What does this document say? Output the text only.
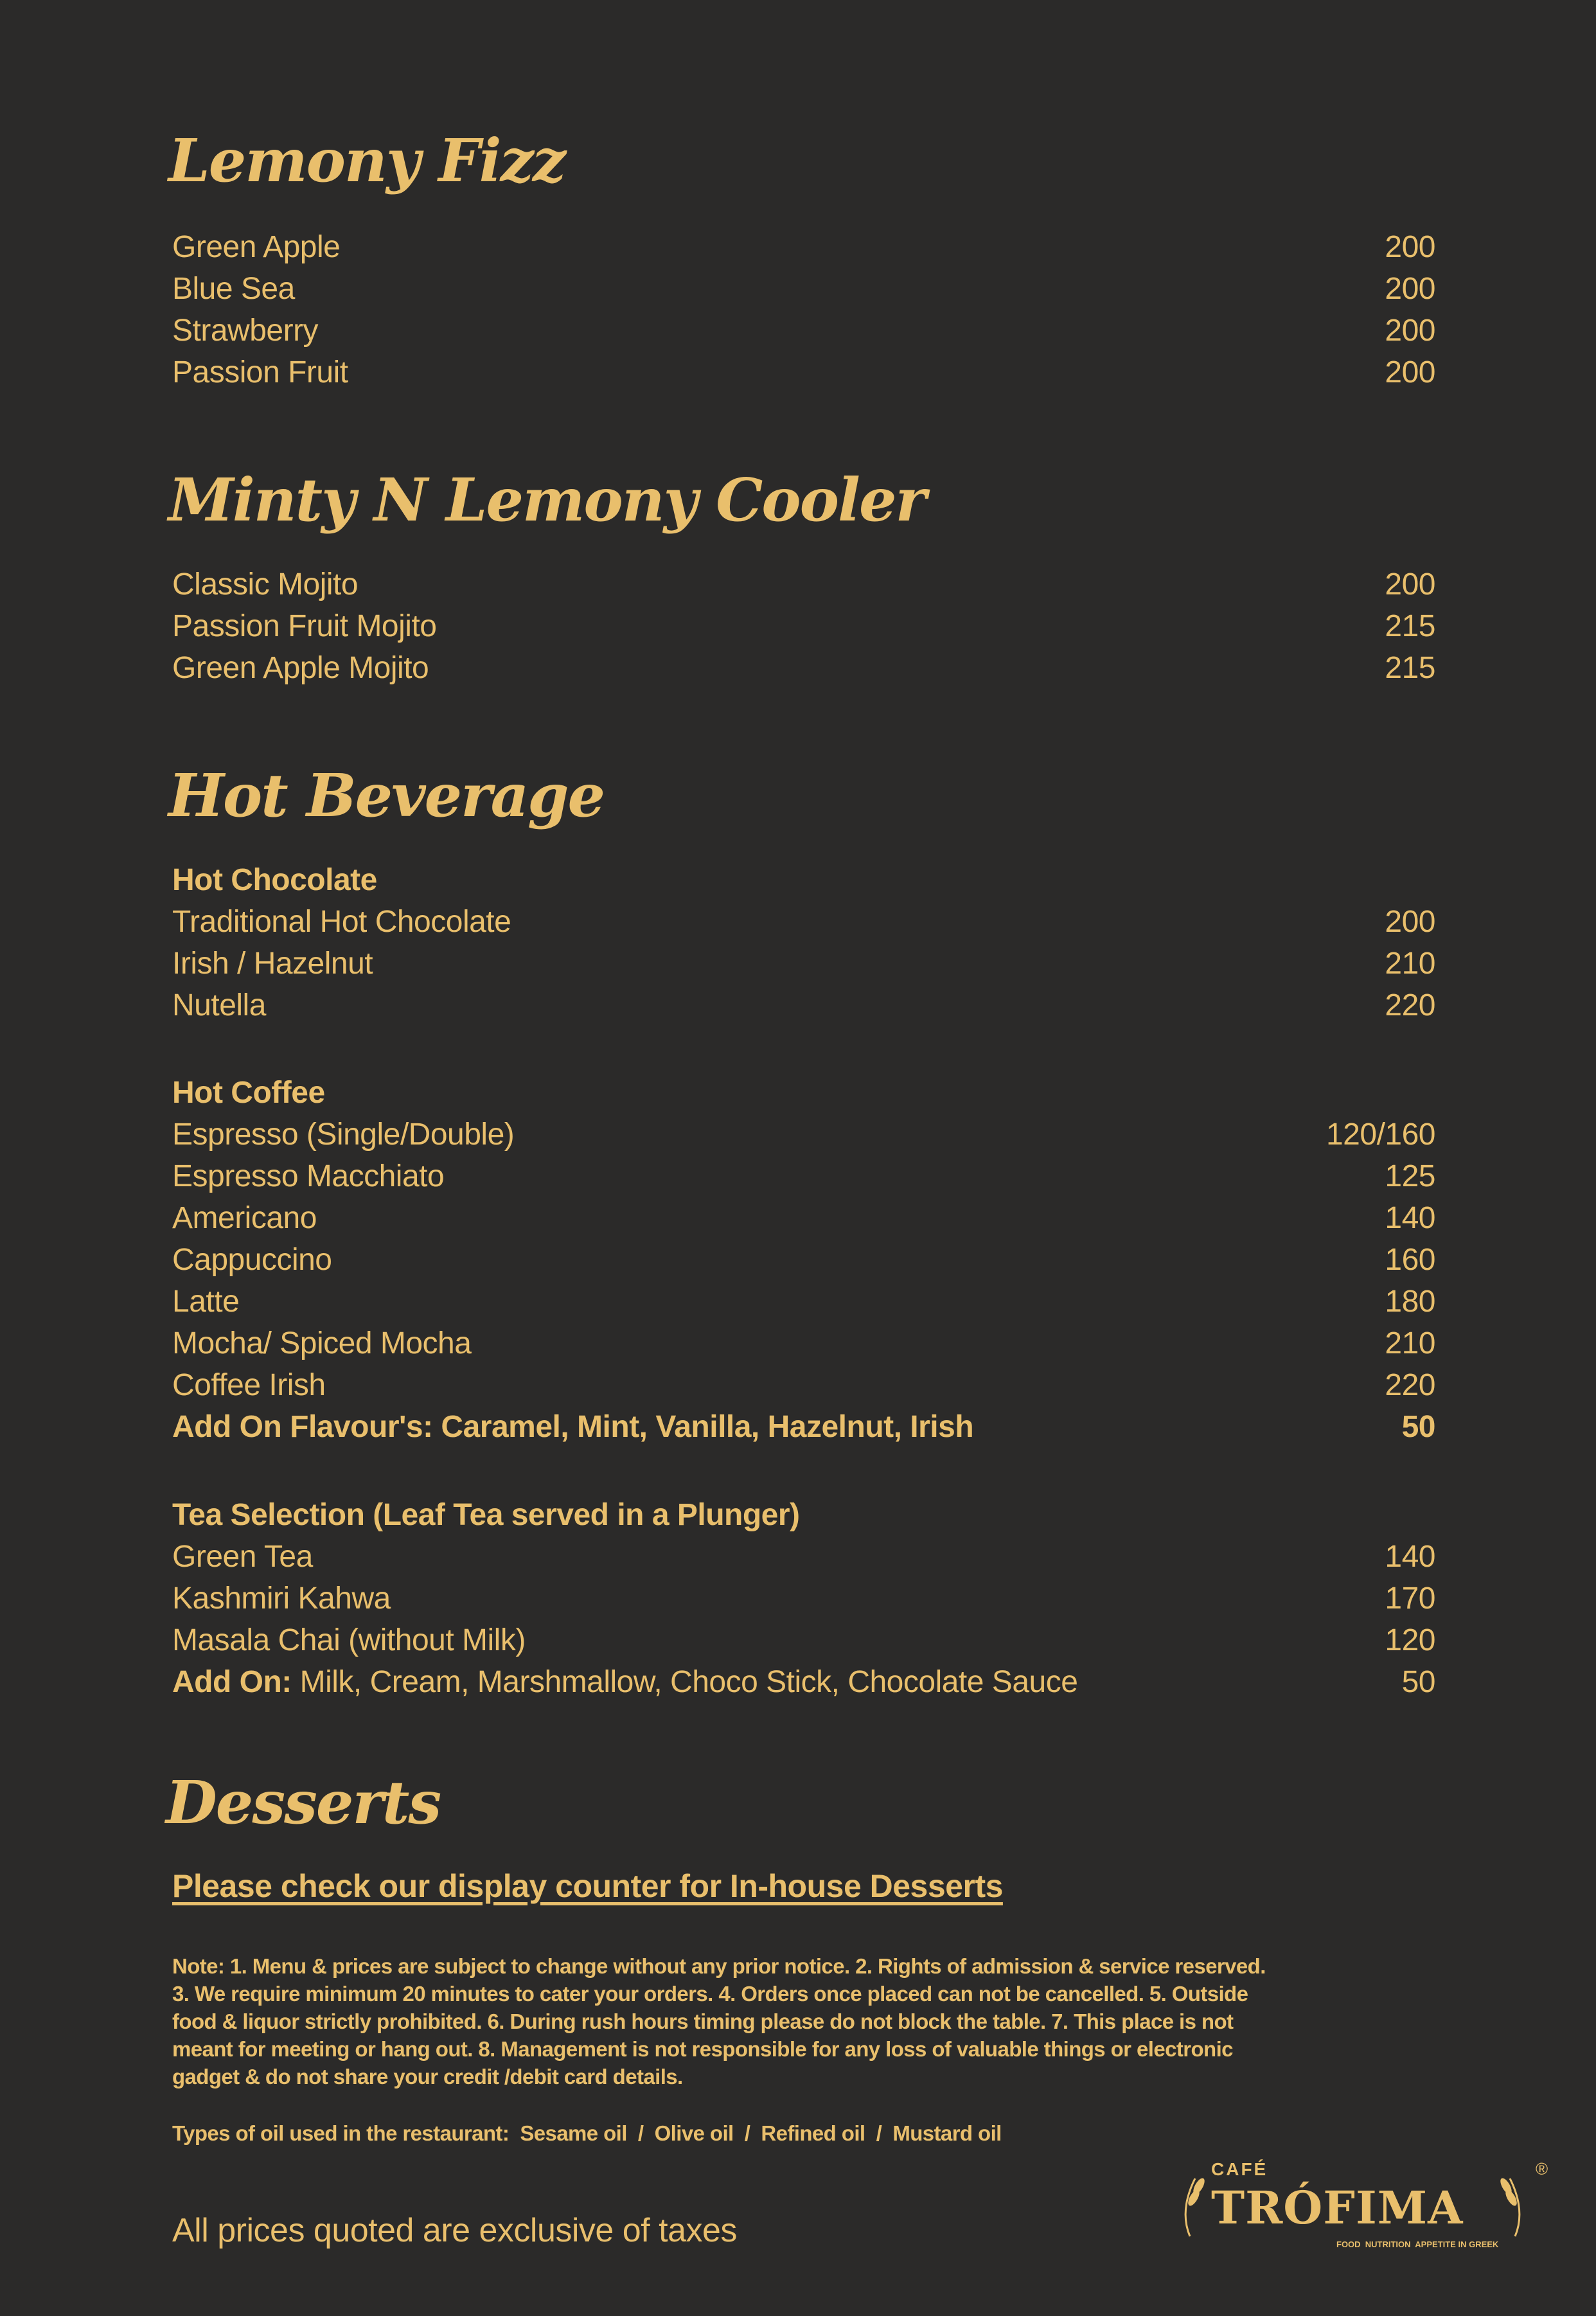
Lemony Fizz
Green Apple	200
Blue Sea	200
Strawberry	200
Passion Fruit	200
Minty N Lemony Cooler
Classic Mojito	200
Passion Fruit Mojito	215
Green Apple Mojito	215
Hot Beverage
Hot Chocolate
Traditional Hot Chocolate	200
Irish / Hazelnut	210
Nutella	220
Hot Coffee
Espresso (Single/Double)	120/160
Espresso Macchiato	125
Americano	140
Cappuccino	160
Latte	180
Mocha/ Spiced Mocha	210
Coffee Irish	220
Add On Flavour's: Caramel, Mint, Vanilla, Hazelnut, Irish	50
Tea Selection (Leaf Tea served in a Plunger)
Green Tea	140
Kashmiri Kahwa	170
Masala Chai (without Milk)	120
Add On: Milk, Cream, Marshmallow, Choco Stick, Chocolate Sauce	50
Desserts
Please check our display counter for In-house Desserts
Note: 1. Menu & prices are subject to change without any prior notice. 2. Rights of admission & service reserved.
3. We require minimum 20 minutes to cater your orders. 4. Orders once placed can not be cancelled. 5. Outside
food & liquor strictly prohibited. 6. During rush hours timing please do not block the table. 7. This place is not
meant for meeting or hang out. 8. Management is not responsible for any loss of valuable things or electronic
gadget & do not share your credit /debit card details.
Types of oil used in the restaurant:  Sesame oil  /  Olive oil  /  Refined oil  /  Mustard oil
All prices quoted are exclusive of taxes
CAFÉ
TRÓFIMA
FOOD  NUTRITION  APPETITE IN GREEK
®
